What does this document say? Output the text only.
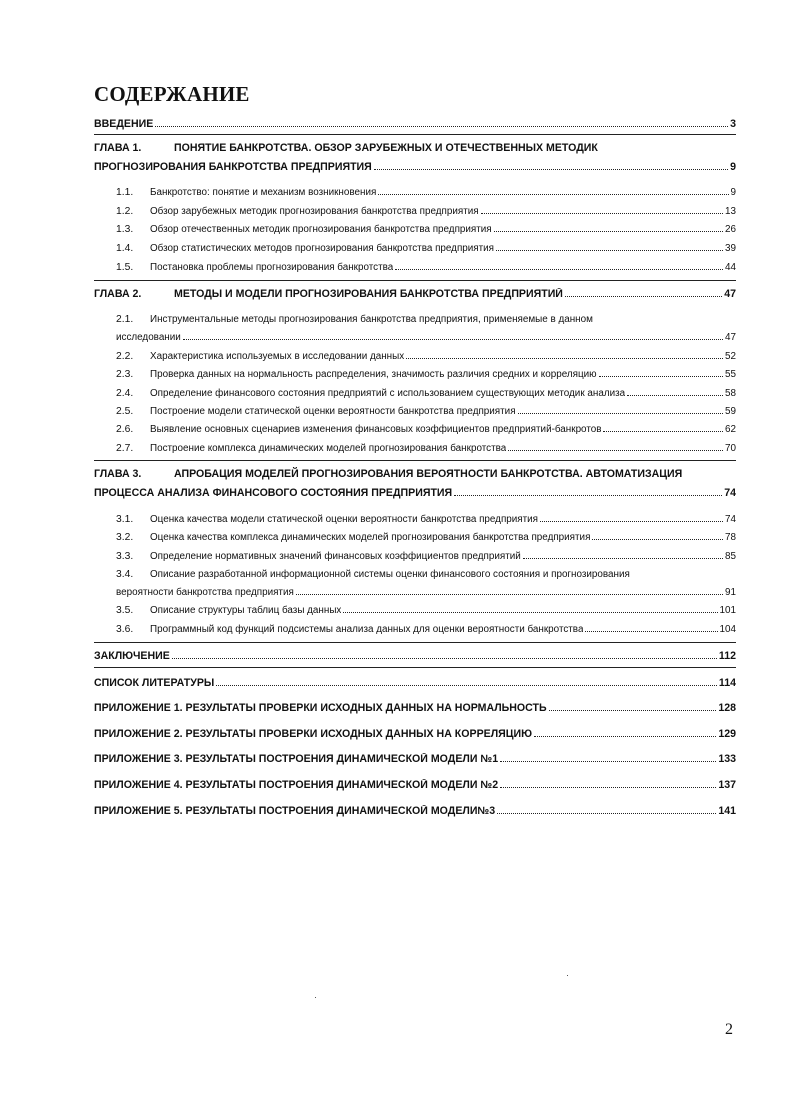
СОДЕРЖАНИЕ
ВВЕДЕНИЕ	3
ГЛАВА 1.	ПОНЯТИЕ БАНКРОТСТВА. ОБЗОР ЗАРУБЕЖНЫХ И ОТЕЧЕСТВЕННЫХ МЕТОДИК
ПРОГНОЗИРОВАНИЯ БАНКРОТСТВА ПРЕДПРИЯТИЯ	9
1.1. Банкротство: понятие и механизм возникновения	9
1.2. Обзор зарубежных методик прогнозирования банкротства предприятия	13
1.3. Обзор отечественных методик прогнозирования банкротства предприятия	26
1.4. Обзор статистических методов прогнозирования банкротства предприятия	39
1.5. Постановка проблемы прогнозирования банкротства	44
ГЛАВА 2.	МЕТОДЫ И МОДЕЛИ ПРОГНОЗИРОВАНИЯ БАНКРОТСТВА ПРЕДПРИЯТИЙ	47
2.1. Инструментальные методы прогнозирования банкротства предприятия, применяемые в данном
исследовании	47
2.2. Характеристика используемых в исследовании данных	52
2.3. Проверка данных на нормальность распределения, значимость различия средних и корреляцию	55
2.4. Определение финансового состояния предприятий с использованием существующих методик анализа	58
2.5. Построение модели статической оценки вероятности банкротства предприятия	59
2.6. Выявление основных сценариев изменения финансовых коэффициентов предприятий-банкротов	62
2.7. Построение комплекса динамических моделей прогнозирования банкротства	70
ГЛАВА 3.	АПРОБАЦИЯ МОДЕЛЕЙ ПРОГНОЗИРОВАНИЯ ВЕРОЯТНОСТИ БАНКРОТСТВА. АВТОМАТИЗАЦИЯ
ПРОЦЕССА АНАЛИЗА ФИНАНСОВОГО СОСТОЯНИЯ ПРЕДПРИЯТИЯ	74
3.1. Оценка качества модели статической оценки вероятности банкротства предприятия	74
3.2. Оценка качества комплекса динамических моделей прогнозирования банкротства предприятия	78
3.3. Определение нормативных значений финансовых коэффициентов предприятий	85
3.4. Описание разработанной информационной системы оценки финансового состояния и прогнозирования
вероятности банкротства предприятия	91
3.5. Описание структуры таблиц базы данных	101
3.6. Программный код функций подсистемы анализа данных для оценки вероятности банкротства	104
ЗАКЛЮЧЕНИЕ	112
СПИСОК ЛИТЕРАТУРЫ	114
ПРИЛОЖЕНИЕ 1. РЕЗУЛЬТАТЫ ПРОВЕРКИ ИСХОДНЫХ ДАННЫХ НА НОРМАЛЬНОСТЬ	128
ПРИЛОЖЕНИЕ 2. РЕЗУЛЬТАТЫ ПРОВЕРКИ ИСХОДНЫХ ДАННЫХ НА КОРРЕЛЯЦИЮ	129
ПРИЛОЖЕНИЕ 3. РЕЗУЛЬТАТЫ ПОСТРОЕНИЯ ДИНАМИЧЕСКОЙ МОДЕЛИ №1	133
ПРИЛОЖЕНИЕ 4. РЕЗУЛЬТАТЫ ПОСТРОЕНИЯ ДИНАМИЧЕСКОЙ МОДЕЛИ №2	137
ПРИЛОЖЕНИЕ 5. РЕЗУЛЬТАТЫ ПОСТРОЕНИЯ ДИНАМИЧЕСКОЙ МОДЕЛИ№3	141
2
